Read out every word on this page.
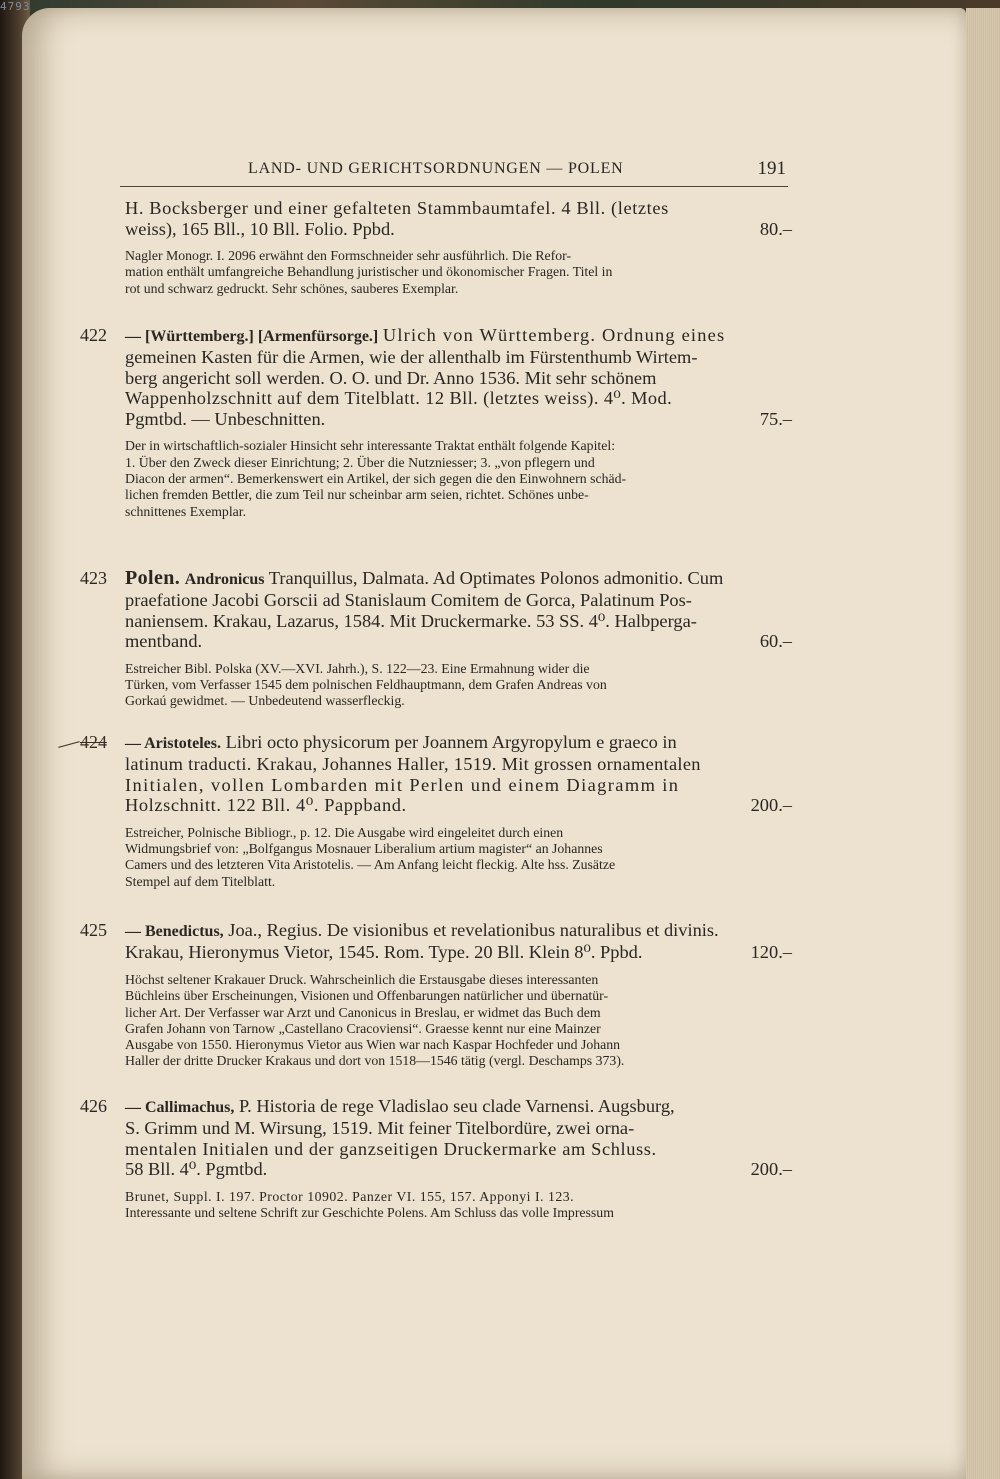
4793
LAND- UND GERICHTSORDNUNGEN — POLEN	191
H. Bocksberger und einer gefalteten Stammbaumtafel. 4 Bll. (letztes
weiss), 165 Bll., 10 Bll. Folio. Ppbd.	80.–
Nagler Monogr. I. 2096 erwähnt den Formschneider sehr ausführlich. Die Refor-
mation enthält umfangreiche Behandlung juristischer und ökonomischer Fragen. Titel in
rot und schwarz gedruckt. Sehr schönes, sauberes Exemplar.
422	— [Württemberg.] [Armenfürsorge.] Ulrich von Württemberg. Ordnung eines
gemeinen Kasten für die Armen, wie der allenthalb im Fürstenthumb Wirtem-
berg angericht soll werden. O. O. und Dr. Anno 1536. Mit sehr schönem
Wappenholzschnitt auf dem Titelblatt. 12 Bll. (letztes weiss). 4⁰. Mod.
Pgmtbd. — Unbeschnitten.	75.–
Der in wirtschaftlich-sozialer Hinsicht sehr interessante Traktat enthält folgende Kapitel:
1. Über den Zweck dieser Einrichtung; 2. Über die Nutzniesser; 3. „von pflegern und
Diacon der armen“. Bemerkenswert ein Artikel, der sich gegen die den Einwohnern schäd-
lichen fremden Bettler, die zum Teil nur scheinbar arm seien, richtet. Schönes unbe-
schnittenes Exemplar.
423 Polen. Andronicus Tranquillus, Dalmata. Ad Optimates Polonos admonitio. Cum
praefatione Jacobi Gorscii ad Stanislaum Comitem de Gorca, Palatinum Pos-
naniensem. Krakau, Lazarus, 1584. Mit Druckermarke. 53 SS. 4⁰. Halbperga-
mentband.	60.–
Estreicher Bibl. Polska (XV.—XVI. Jahrh.), S. 122—23. Eine Ermahnung wider die
Türken, vom Verfasser 1545 dem polnischen Feldhauptmann, dem Grafen Andreas von
Gorkaú gewidmet. — Unbedeutend wasserfleckig.
424	— Aristoteles. Libri octo physicorum per Joannem Argyropylum e graeco in
latinum traducti. Krakau, Johannes Haller, 1519. Mit grossen ornamentalen
Initialen, vollen Lombarden mit Perlen und einem Diagramm in
Holzschnitt. 122 Bll. 4⁰. Pappband.	200.–
Estreicher, Polnische Bibliogr., p. 12. Die Ausgabe wird eingeleitet durch einen
Widmungsbrief von: „Bolfgangus Mosnauer Liberalium artium magister“ an Johannes
Camers und des letzteren Vita Aristotelis. — Am Anfang leicht fleckig. Alte hss. Zusätze
Stempel auf dem Titelblatt.
425	— Benedictus, Joa., Regius. De visionibus et revelationibus naturalibus et divinis.
Krakau, Hieronymus Vietor, 1545. Rom. Type. 20 Bll. Klein 8⁰. Ppbd.	120.–
Höchst seltener Krakauer Druck. Wahrscheinlich die Erstausgabe dieses interessanten
Büchleins über Erscheinungen, Visionen und Offenbarungen natürlicher und übernatür-
licher Art. Der Verfasser war Arzt und Canonicus in Breslau, er widmet das Buch dem
Grafen Johann von Tarnow „Castellano Cracoviensi“. Graesse kennt nur eine Mainzer
Ausgabe von 1550. Hieronymus Vietor aus Wien war nach Kaspar Hochfeder und Johann
Haller der dritte Drucker Krakaus und dort von 1518—1546 tätig (vergl. Deschamps 373).
426	— Callimachus, P. Historia de rege Vladislao seu clade Varnensi. Augsburg,
S. Grimm und M. Wirsung, 1519. Mit feiner Titelbordüre, zwei orna-
mentalen Initialen und der ganzseitigen Druckermarke am Schluss.
58 Bll. 4⁰. Pgmtbd.	200.–
Brunet, Suppl. I. 197. Proctor 10902. Panzer VI. 155, 157. Apponyi I. 123.
Interessante und seltene Schrift zur Geschichte Polens. Am Schluss das volle Impressum
